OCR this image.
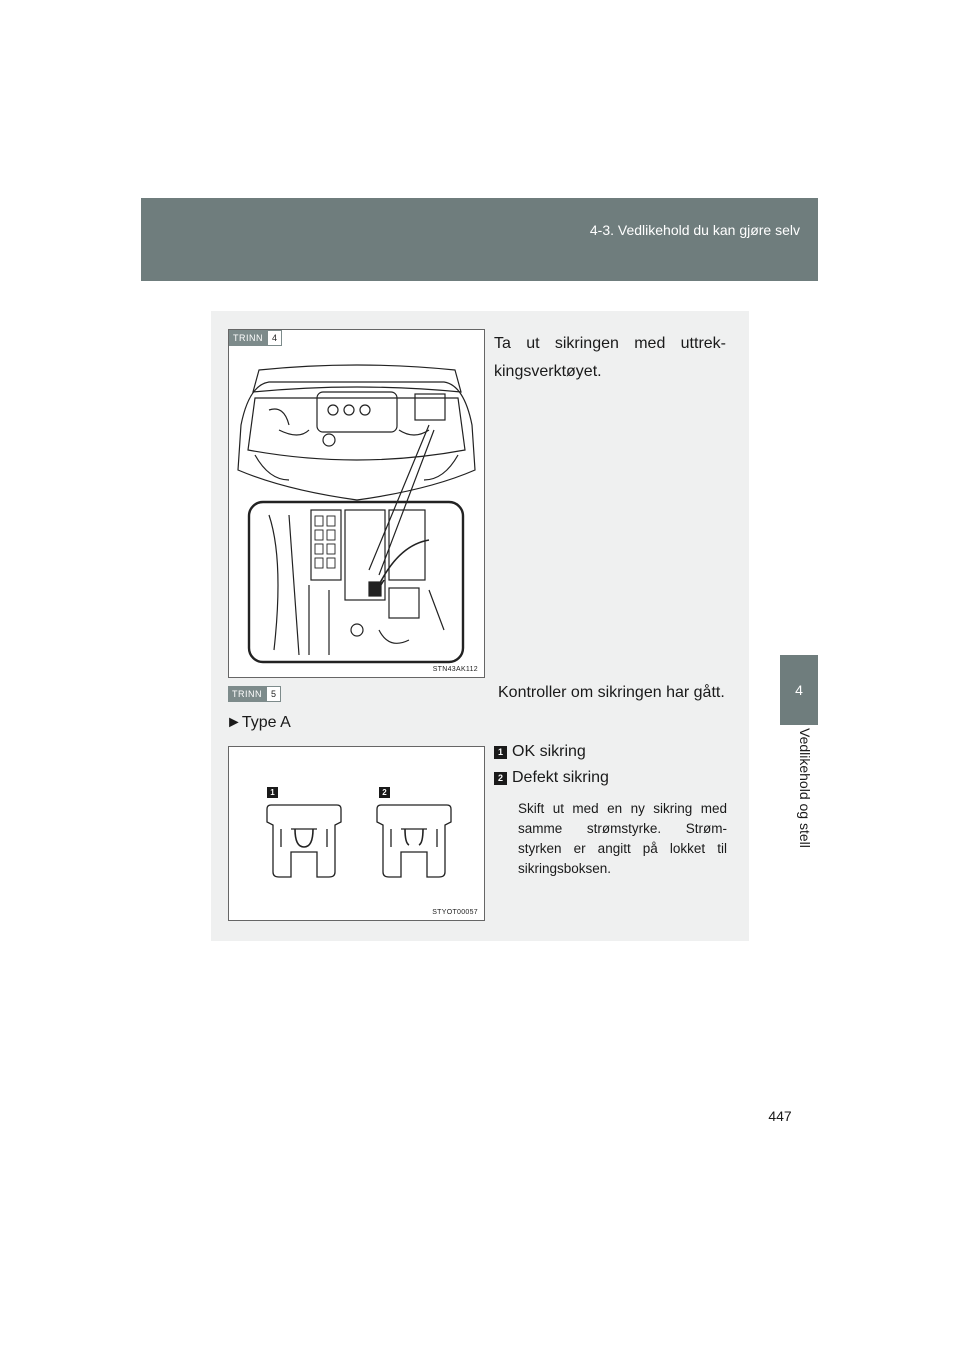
4-3. Vedlikehold du kan gjøre selv
4
Vedlikehold og stell
TRINN	4
STN43AK112
Ta ut sikringen med uttrek-kingsverktøyet.
TRINN	5	Kontroller om sikringen har gått.
►Type A
1	2
STYOT00057
1 OK sikring
2 Defekt sikring
Skift ut med en ny sikring med samme strømstyrke. Strøm-styrken er angitt på lokket til sikringsboksen.
447
